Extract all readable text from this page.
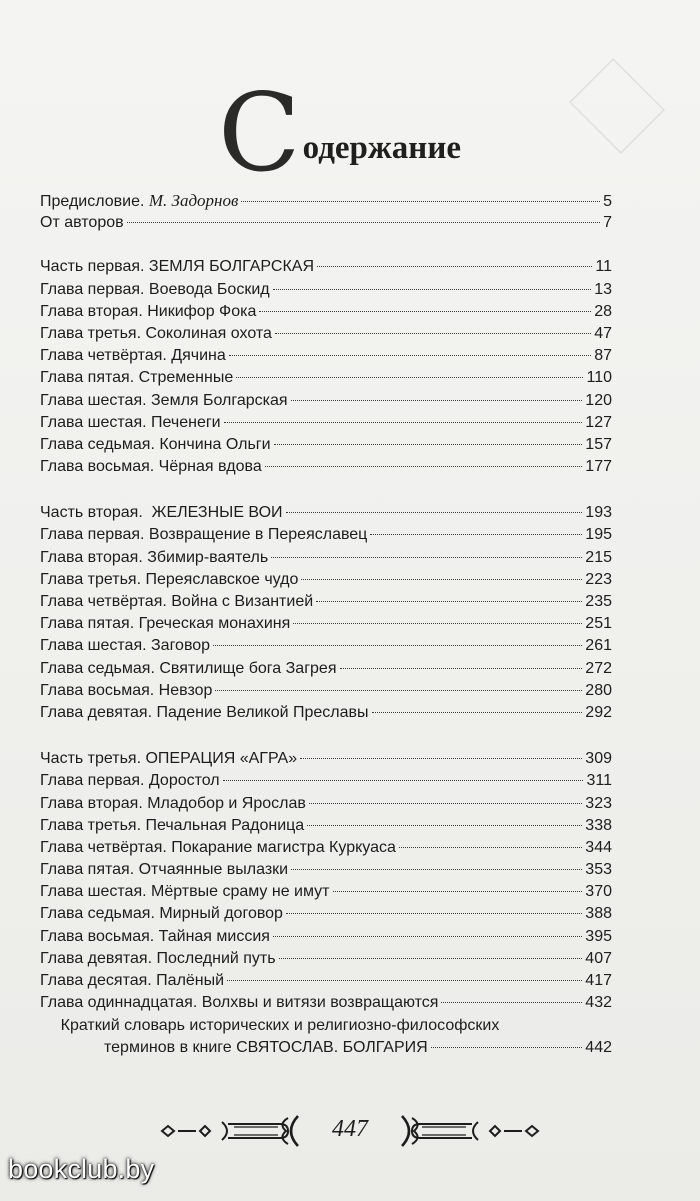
С одержание
Предисловие. М. Задорнов	5
От авторов	7
Часть первая. ЗЕМЛЯ БОЛГАРСКАЯ	11
Глава первая. Воевода Боскид	13
Глава вторая. Никифор Фока	28
Глава третья. Соколиная охота	47
Глава четвёртая. Дячина	87
Глава пятая. Стременные	110
Глава шестая. Земля Болгарская	120
Глава шестая. Печенеги	127
Глава седьмая. Кончина Ольги	157
Глава восьмая. Чёрная вдова	177
Часть вторая.  ЖЕЛЕЗНЫЕ ВОИ	193
Глава первая. Возвращение в Переяславец	195
Глава вторая. Збимир-ваятель	215
Глава третья. Переяславское чудо	223
Глава четвёртая. Война с Византией	235
Глава пятая. Греческая монахиня	251
Глава шестая. Заговор	261
Глава седьмая. Святилище бога Загрея	272
Глава восьмая. Невзор	280
Глава девятая. Падение Великой Преславы	292
Часть третья. ОПЕРАЦИЯ «АГРА»	309
Глава первая. Доростол	311
Глава вторая. Младобор и Ярослав	323
Глава третья. Печальная Радоница	338
Глава четвёртая. Покарание магистра Куркуаса	344
Глава пятая. Отчаянные вылазки	353
Глава шестая. Мёртвые сраму не имут	370
Глава седьмая. Мирный договор	388
Глава восьмая. Тайная миссия	395
Глава девятая. Последний путь	407
Глава десятая. Палёный	417
Глава одиннадцатая. Волхвы и витязи возвращаются	432
Краткий словарь исторических и религиозно-философских
терминов в книге СВЯТОСЛАВ. БОЛГАРИЯ	442
447
bookclub.by
